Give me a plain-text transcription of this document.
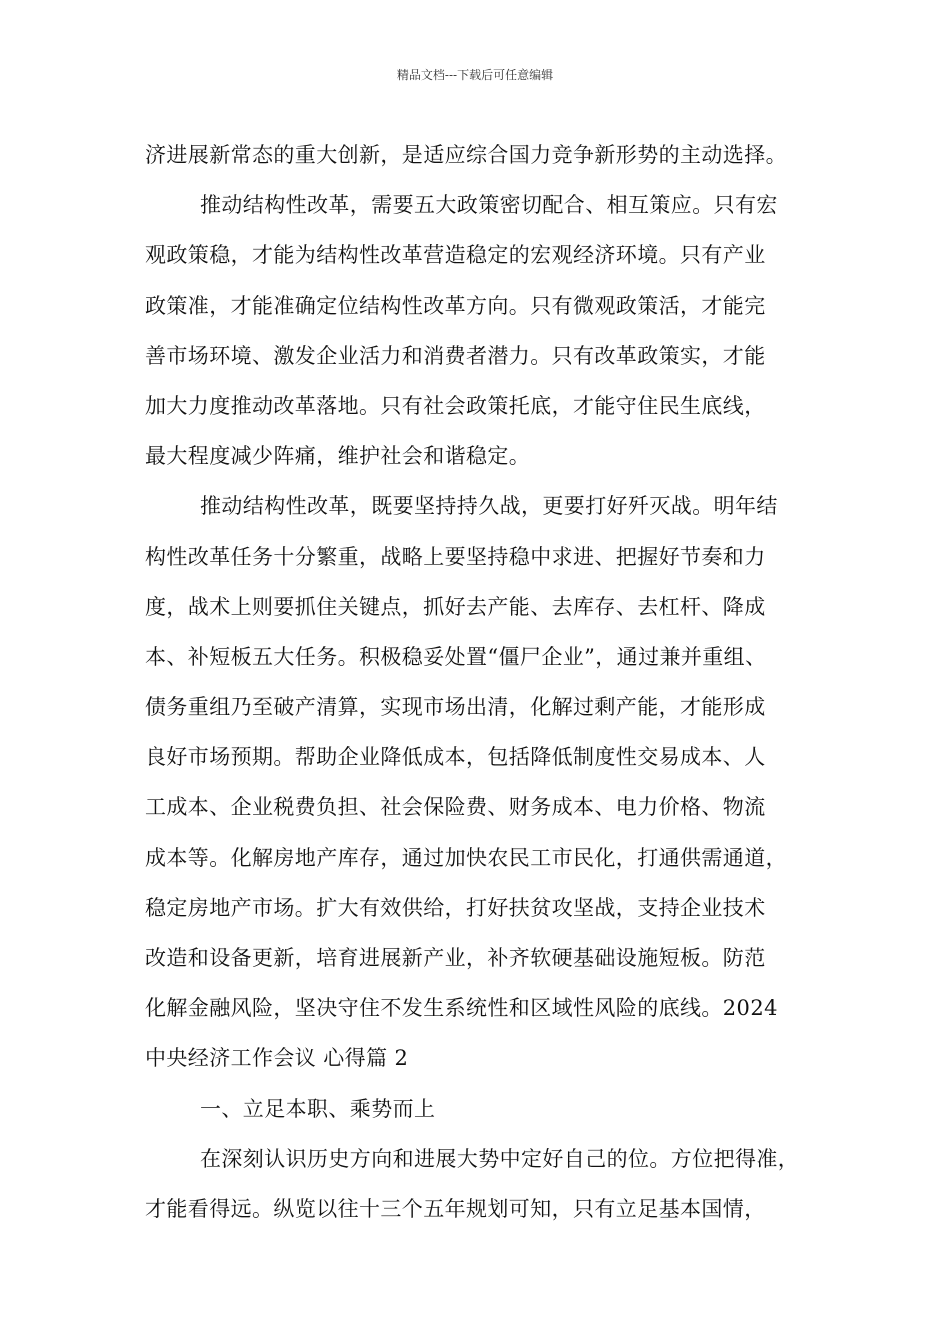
精品文档---下载后可任意编辑
济进展新常态的重大创新，是适应综合国力竞争新形势的主动选择。
推动结构性改革，需要五大政策密切配合、相互策应。只有宏
观政策稳，才能为结构性改革营造稳定的宏观经济环境。只有产业
政策准，才能准确定位结构性改革方向。只有微观政策活，才能完
善市场环境、激发企业活力和消费者潜力。只有改革政策实，才能
加大力度推动改革落地。只有社会政策托底，才能守住民生底线，
最大程度减少阵痛，维护社会和谐稳定。
推动结构性改革，既要坚持持久战，更要打好歼灭战。明年结
构性改革任务十分繁重，战略上要坚持稳中求进、把握好节奏和力
度，战术上则要抓住关键点，抓好去产能、去库存、去杠杆、降成
本、补短板五大任务。积极稳妥处置“僵尸企业”，通过兼并重组、
债务重组乃至破产清算，实现市场出清，化解过剩产能，才能形成
良好市场预期。帮助企业降低成本，包括降低制度性交易成本、人
工成本、企业税费负担、社会保险费、财务成本、电力价格、物流
成本等。化解房地产库存，通过加快农民工市民化，打通供需通道，
稳定房地产市场。扩大有效供给，打好扶贫攻坚战，支持企业技术
改造和设备更新，培育进展新产业，补齐软硬基础设施短板。防范
化解金融风险，坚决守住不发生系统性和区域性风险的底线。2024
中央经济工作会议 心得篇 2
一、立足本职、乘势而上
在深刻认识历史方向和进展大势中定好自己的位。方位把得准，
才能看得远。纵览以往十三个五年规划可知，只有立足基本国情，
